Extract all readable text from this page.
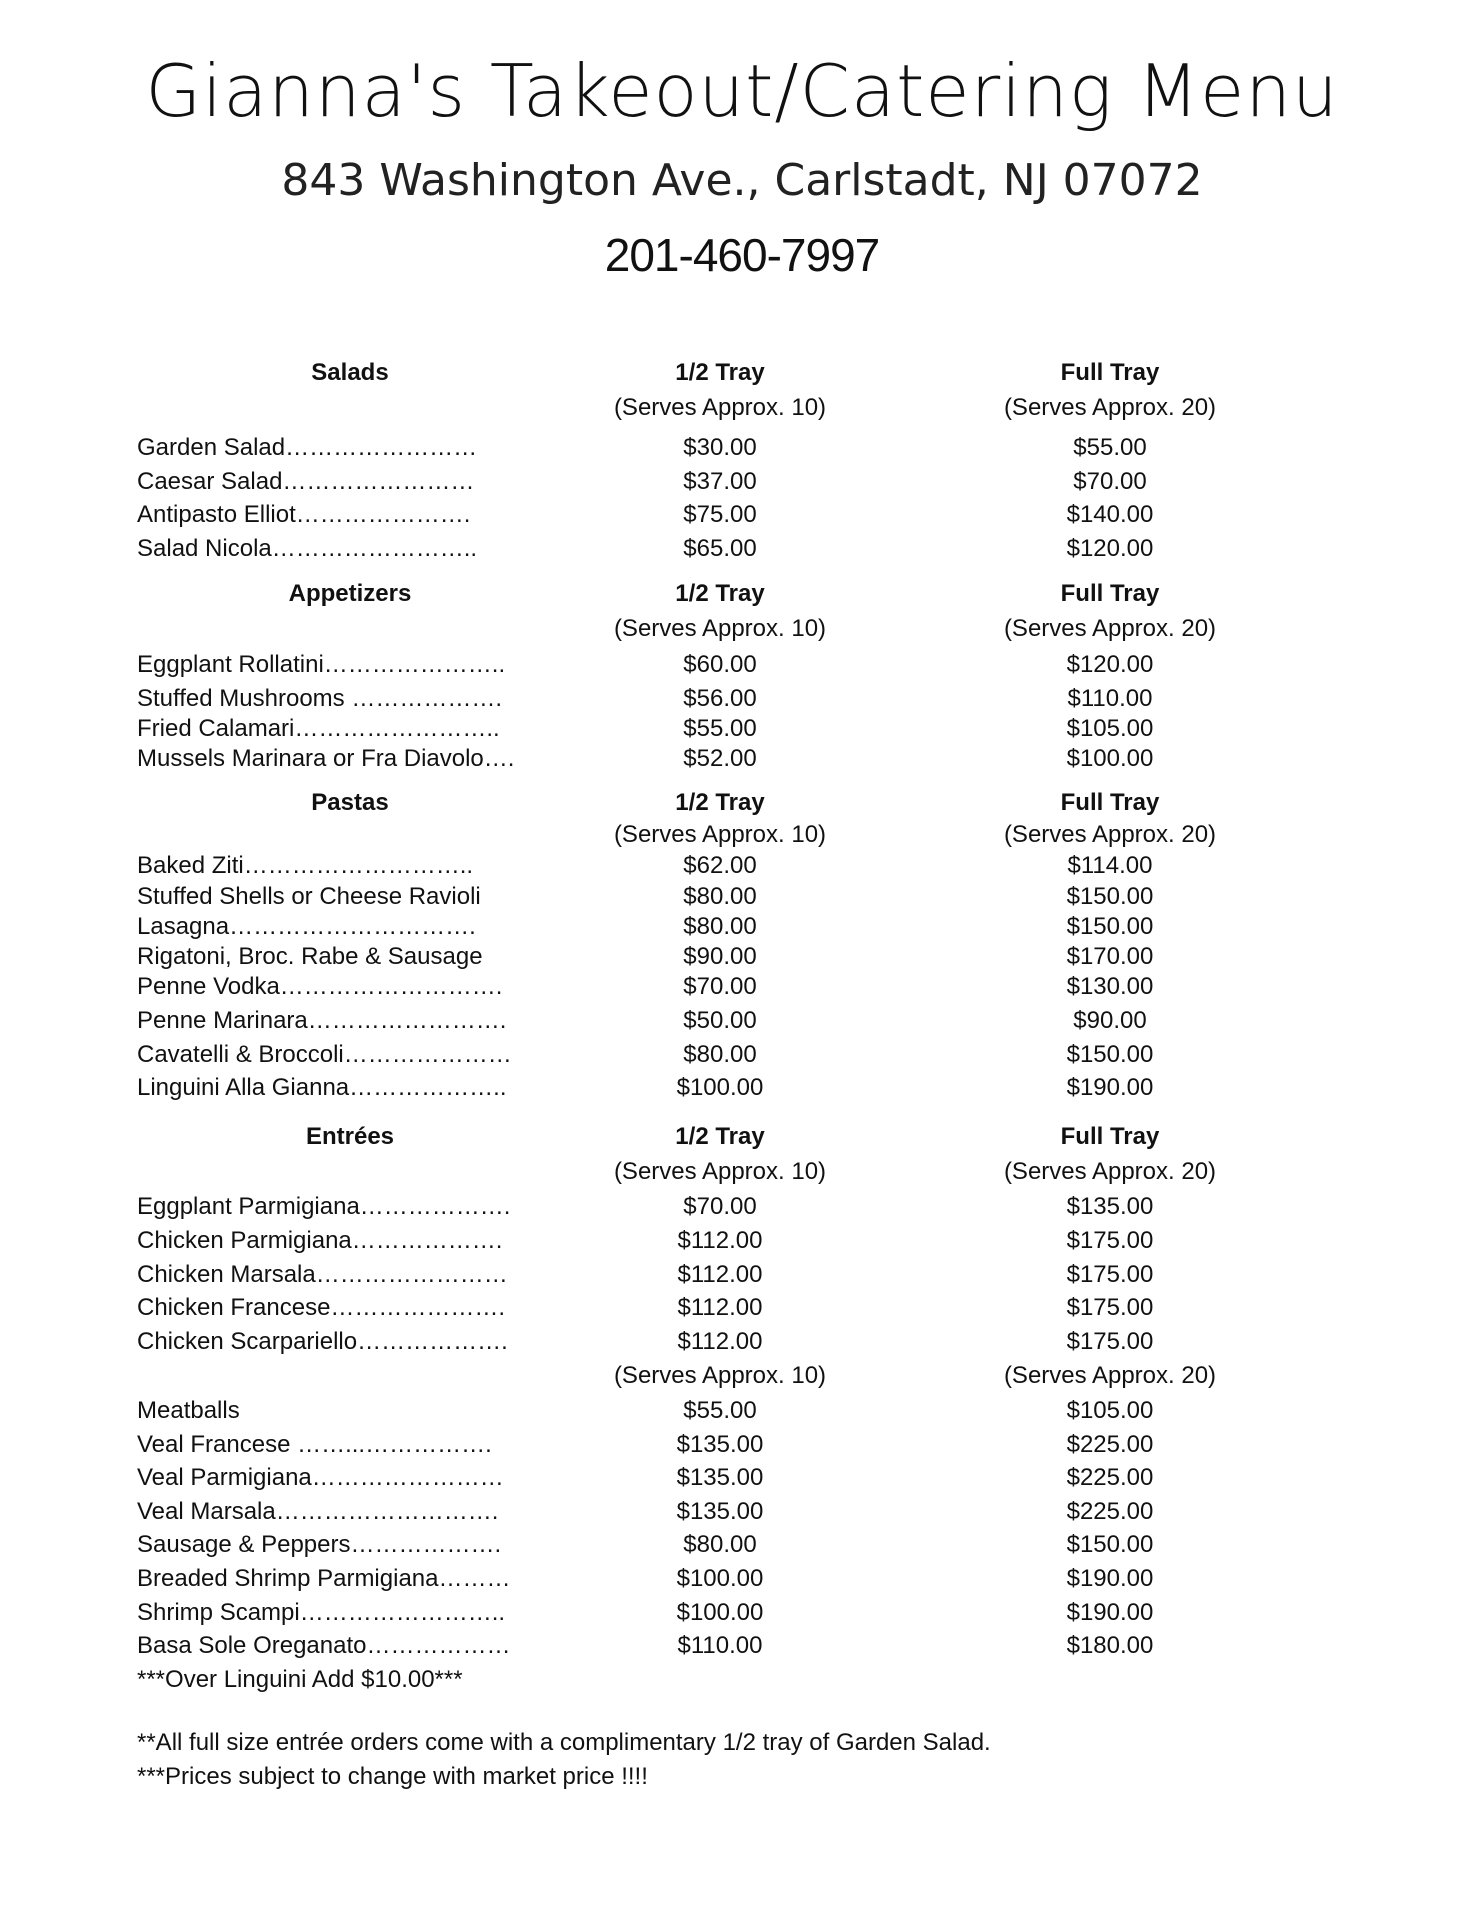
Gianna's Takeout/Catering Menu
843 Washington Ave., Carlstadt, NJ 07072
201-460-7997
Salads	1/2 Tray	Full Tray
(Serves Approx. 10)	(Serves Approx. 20)
Garden Salad……………………	$30.00	$55.00
Caesar Salad……………………	$37.00	$70.00
Antipasto Elliot………………….	$75.00	$140.00
Salad Nicola……………………..	$65.00	$120.00
Appetizers	1/2 Tray	Full Tray
(Serves Approx. 10)	(Serves Approx. 20)
Eggplant Rollatini…………………..	$60.00	$120.00
Stuffed Mushrooms ……………….	$56.00	$110.00
Fried Calamari……………………..	$55.00	$105.00
Mussels Marinara or Fra Diavolo….	$52.00	$100.00
Pastas	1/2 Tray	Full Tray
(Serves Approx. 10)	(Serves Approx. 20)
Baked Ziti………………………..	$62.00	$114.00
Stuffed Shells or Cheese Ravioli	$80.00	$150.00
Lasagna………………………….	$80.00	$150.00
Rigatoni, Broc. Rabe & Sausage	$90.00	$170.00
Penne Vodka……………………….	$70.00	$130.00
Penne Marinara…………………….	$50.00	$90.00
Cavatelli & Broccoli…………………	$80.00	$150.00
Linguini Alla Gianna………………..	$100.00	$190.00
Entrées	1/2 Tray	Full Tray
(Serves Approx. 10)	(Serves Approx. 20)
Eggplant Parmigiana……………….	$70.00	$135.00
Chicken Parmigiana……………….	$112.00	$175.00
Chicken Marsala……………………	$112.00	$175.00
Chicken Francese………………….	$112.00	$175.00
Chicken Scarpariello……………….	$112.00	$175.00
(Serves Approx. 10)	(Serves Approx. 20)
Meatballs	$55.00	$105.00
Veal Francese ……...…………….	$135.00	$225.00
Veal Parmigiana……………………	$135.00	$225.00
Veal Marsala……………………….	$135.00	$225.00
Sausage & Peppers……………….	$80.00	$150.00
Breaded Shrimp Parmigiana………	$100.00	$190.00
Shrimp Scampi……………………..	$100.00	$190.00
Basa Sole Oreganato………………	$110.00	$180.00
***Over Linguini Add $10.00***
**All full size entrée orders come with a complimentary 1/2 tray of Garden Salad.
***Prices subject to change with market price !!!!
